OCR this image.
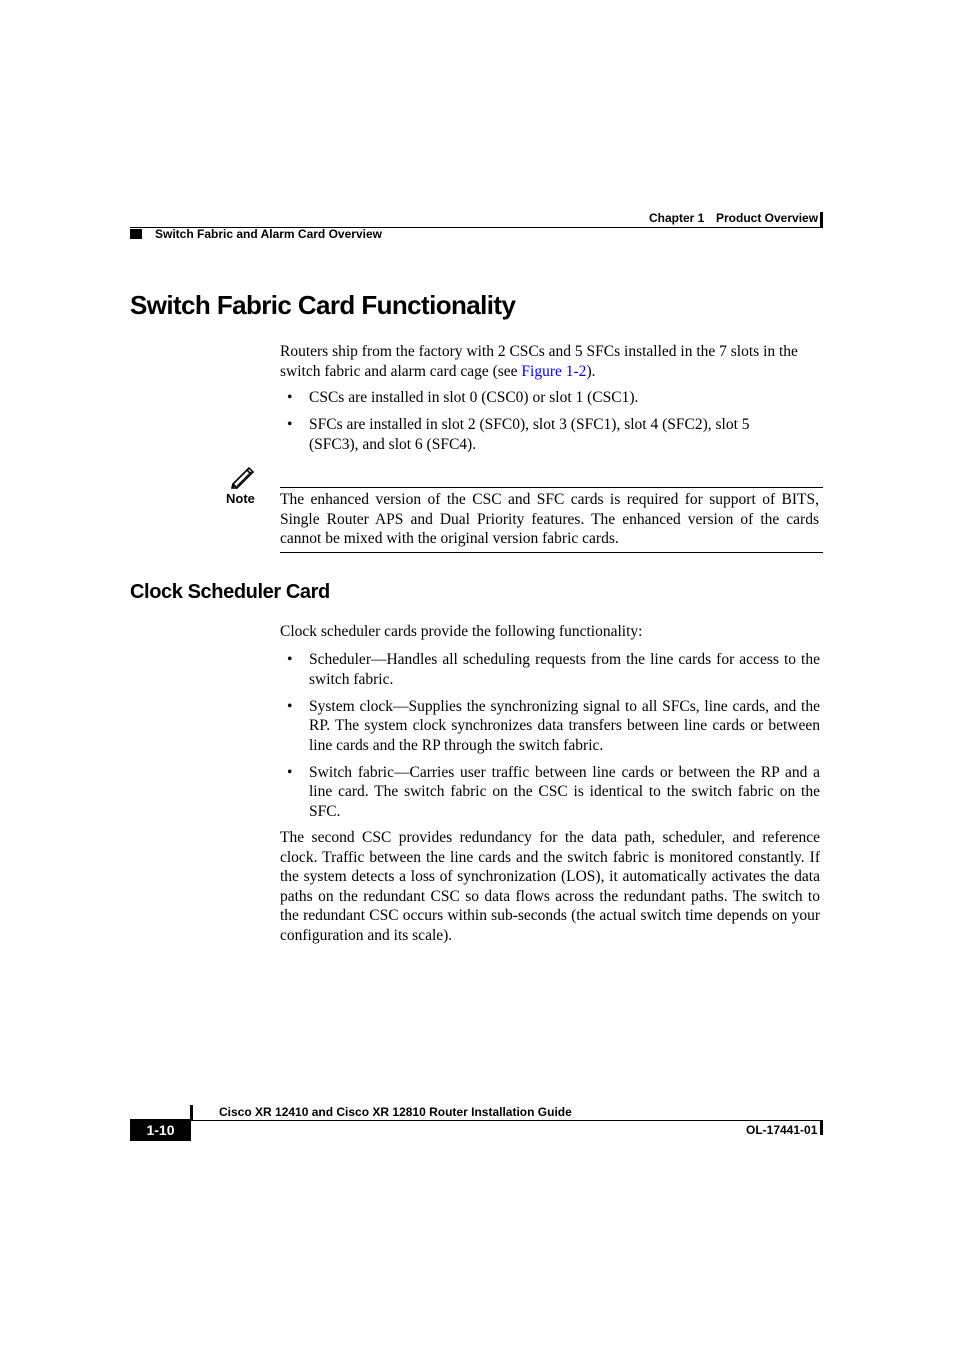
Chapter 1 Product Overview
Switch Fabric and Alarm Card Overview
Switch Fabric Card Functionality

Routers ship from the factory with 2 CSCs and 5 SFCs installed in the 7 slots in the switch fabric and alarm card cage (see Figure 1-2).

• CSCs are installed in slot 0 (CSC0) or slot 1 (CSC1).
• SFCs are installed in slot 2 (SFC0), slot 3 (SFC1), slot 4 (SFC2), slot 5 (SFC3), and slot 6 (SFC4).
Note The enhanced version of the CSC and SFC cards is required for support of BITS, Single Router APS and Dual Priority features. The enhanced version of the cards cannot be mixed with the original version fabric cards.

Clock Scheduler Card

Clock scheduler cards provide the following functionality:

• Scheduler—Handles all scheduling requests from the line cards for access to the switch fabric.
• System clock—Supplies the synchronizing signal to all SFCs, line cards, and the RP. The system clock synchronizes data transfers between line cards or between line cards and the RP through the switch fabric.
• Switch fabric—Carries user traffic between line cards or between the RP and a line card. The switch fabric on the CSC is identical to the switch fabric on the SFC.

The second CSC provides redundancy for the data path, scheduler, and reference clock. Traffic between the line cards and the switch fabric is monitored constantly. If the system detects a loss of synchronization (LOS), it automatically activates the data paths on the redundant CSC so data flows across the redundant paths. The switch to the redundant CSC occurs within sub-seconds (the actual switch time depends on your configuration and its scale).

Cisco XR 12410 and Cisco XR 12810 Router Installation Guide
1-10	OL-17441-01
